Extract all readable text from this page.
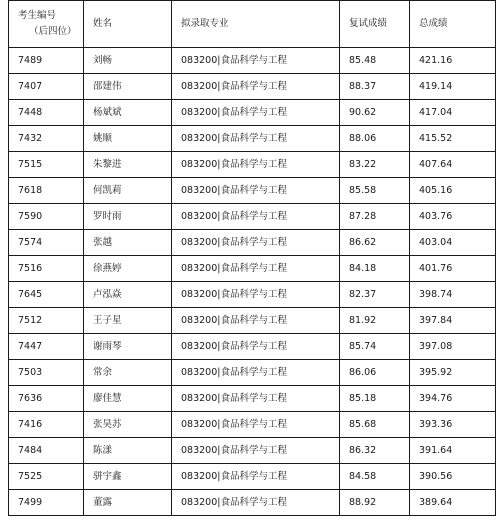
考生编号
（后四位）	姓名	拟录取专业	复试成绩	总成绩
7489	刘畅	083200|食品科学与工程	85.48	421.16
7407	邵建伟	083200|食品科学与工程	88.37	419.14
7448	杨斌斌	083200|食品科学与工程	90.62	417.04
7432	姚顺	083200|食品科学与工程	88.06	415.52
7515	朱黎进	083200|食品科学与工程	83.22	407.64
7618	何凯莉	083200|食品科学与工程	85.58	405.16
7590	罗时雨	083200|食品科学与工程	87.28	403.76
7574	张越	083200|食品科学与工程	86.62	403.04
7516	徐燕婷	083200|食品科学与工程	84.18	401.76
7645	卢泓焱	083200|食品科学与工程	82.37	398.74
7512	王子星	083200|食品科学与工程	81.92	397.84
7447	谢雨琴	083200|食品科学与工程	85.74	397.08
7503	常余	083200|食品科学与工程	86.06	395.92
7636	廖佳慧	083200|食品科学与工程	85.18	394.76
7416	张昊苏	083200|食品科学与工程	85.68	393.36
7484	陈漾	083200|食品科学与工程	86.32	391.64
7525	骈宇鑫	083200|食品科学与工程	84.58	390.56
7499	董露	083200|食品科学与工程	88.92	389.64
